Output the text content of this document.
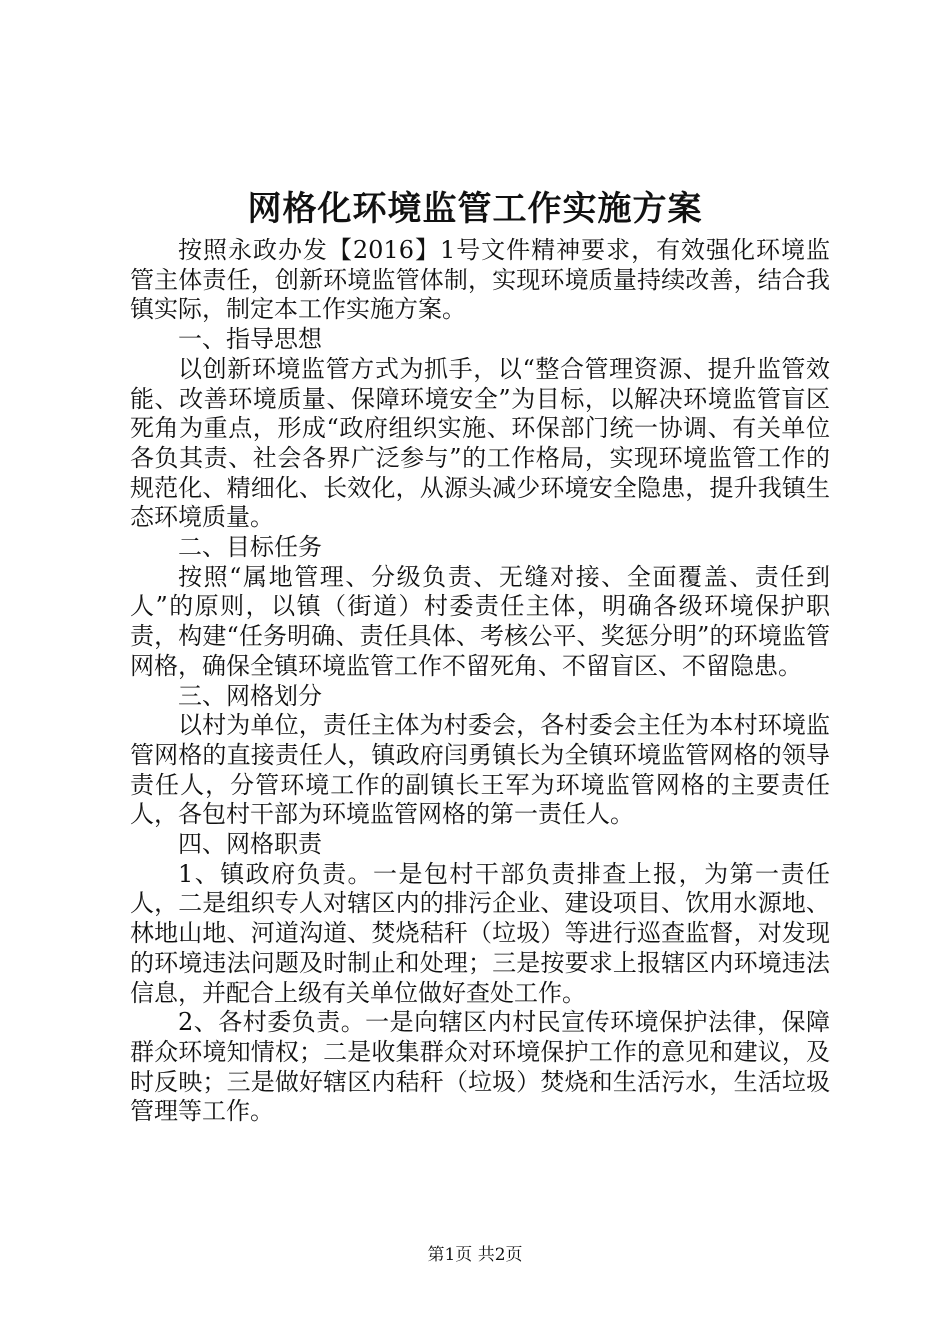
网格化环境监管工作实施方案

按照永政办发【2016】1号文件精神要求，有效强化环境监管主体责任，创新环境监管体制，实现环境质量持续改善，结合我镇实际，制定本工作实施方案。

一、指导思想

以创新环境监管方式为抓手，以“整合管理资源、提升监管效能、改善环境质量、保障环境安全”为目标，以解决环境监管盲区死角为重点，形成“政府组织实施、环保部门统一协调、有关单位各负其责、社会各界广泛参与”的工作格局，实现环境监管工作的规范化、精细化、长效化，从源头减少环境安全隐患，提升我镇生态环境质量。

二、目标任务

按照“属地管理、分级负责、无缝对接、全面覆盖、责任到人”的原则，以镇（街道）村委责任主体，明确各级环境保护职责，构建“任务明确、责任具体、考核公平、奖惩分明”的环境监管网格，确保全镇环境监管工作不留死角、不留盲区、不留隐患。

三、网格划分

以村为单位，责任主体为村委会，各村委会主任为本村环境监管网格的直接责任人，镇政府闫勇镇长为全镇环境监管网格的领导责任人，分管环境工作的副镇长王军为环境监管网格的主要责任人，各包村干部为环境监管网格的第一责任人。

四、网格职责

1、镇政府负责。一是包村干部负责排查上报，为第一责任人，二是组织专人对辖区内的排污企业、建设项目、饮用水源地、林地山地、河道沟道、焚烧秸秆（垃圾）等进行巡查监督，对发现的环境违法问题及时制止和处理；三是按要求上报辖区内环境违法信息，并配合上级有关单位做好查处工作。

2、各村委负责。一是向辖区内村民宣传环境保护法律，保障群众环境知情权；二是收集群众对环境保护工作的意见和建议，及时反映；三是做好辖区内秸秆（垃圾）焚烧和生活污水，生活垃圾管理等工作。

第1页 共2页
